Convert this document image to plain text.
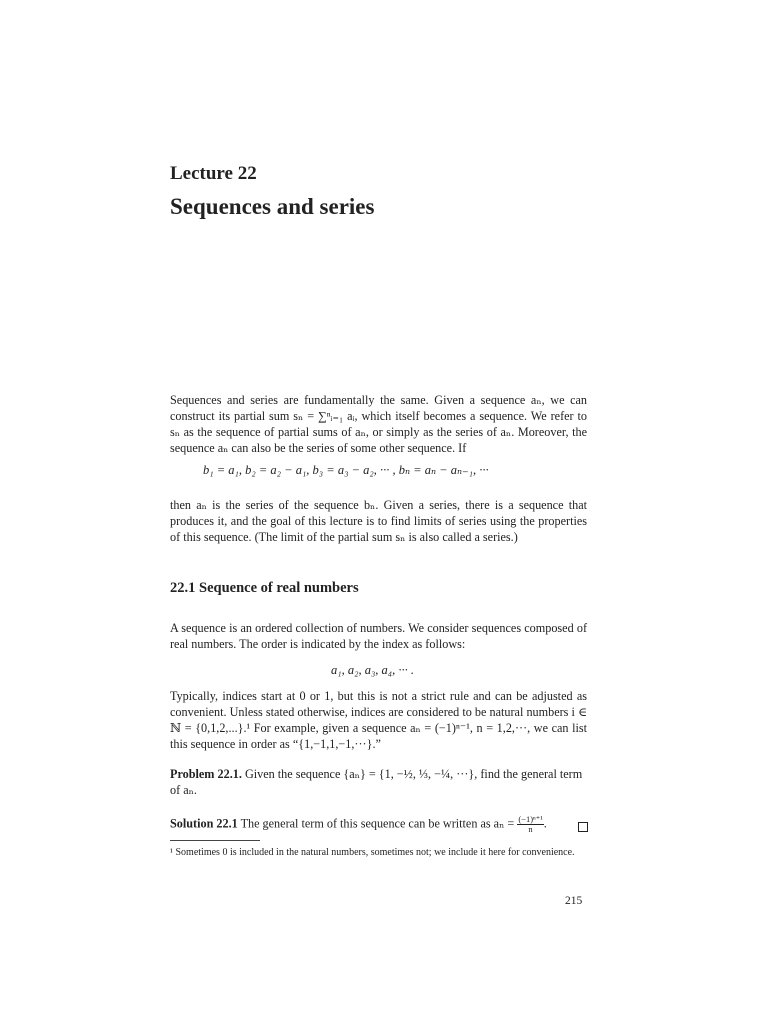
Lecture 22
Sequences and series
Sequences and series are fundamentally the same. Given a sequence aₙ, we can construct its partial sum sₙ = ∑ⁿᵢ₌₁ aᵢ, which itself becomes a sequence. We refer to sₙ as the sequence of partial sums of aₙ, or simply as the series of aₙ. Moreover, the sequence aₙ can also be the series of some other sequence. If
b₁ = a₁, b₂ = a₂ − a₁, b₃ = a₃ − a₂, ··· , bₙ = aₙ − aₙ₋₁, ···
then aₙ is the series of the sequence bₙ. Given a series, there is a sequence that produces it, and the goal of this lecture is to find limits of series using the properties of this sequence. (The limit of the partial sum sₙ is also called a series.)
22.1 Sequence of real numbers
A sequence is an ordered collection of numbers. We consider sequences composed of real numbers. The order is indicated by the index as follows:
a₁, a₂, a₃, a₄, ··· .
Typically, indices start at 0 or 1, but this is not a strict rule and can be adjusted as convenient. Unless stated otherwise, indices are considered to be natural numbers i ∈ ℕ = {0,1,2,...}.¹ For example, given a sequence aₙ = (−1)ⁿ⁻¹, n = 1,2,···, we can list this sequence in order as “{1,−1,1,−1,···}.”
Problem 22.1. Given the sequence {aₙ} = {1, −½, ⅓, −¼, ···}, find the general term of aₙ.
Solution 22.1 The general term of this sequence can be written as $a_n = \frac{\text{(−1)ⁿ⁺¹}}{n}$ .
¹ Sometimes 0 is included in the natural numbers, sometimes not; we include it here for convenience.
215
